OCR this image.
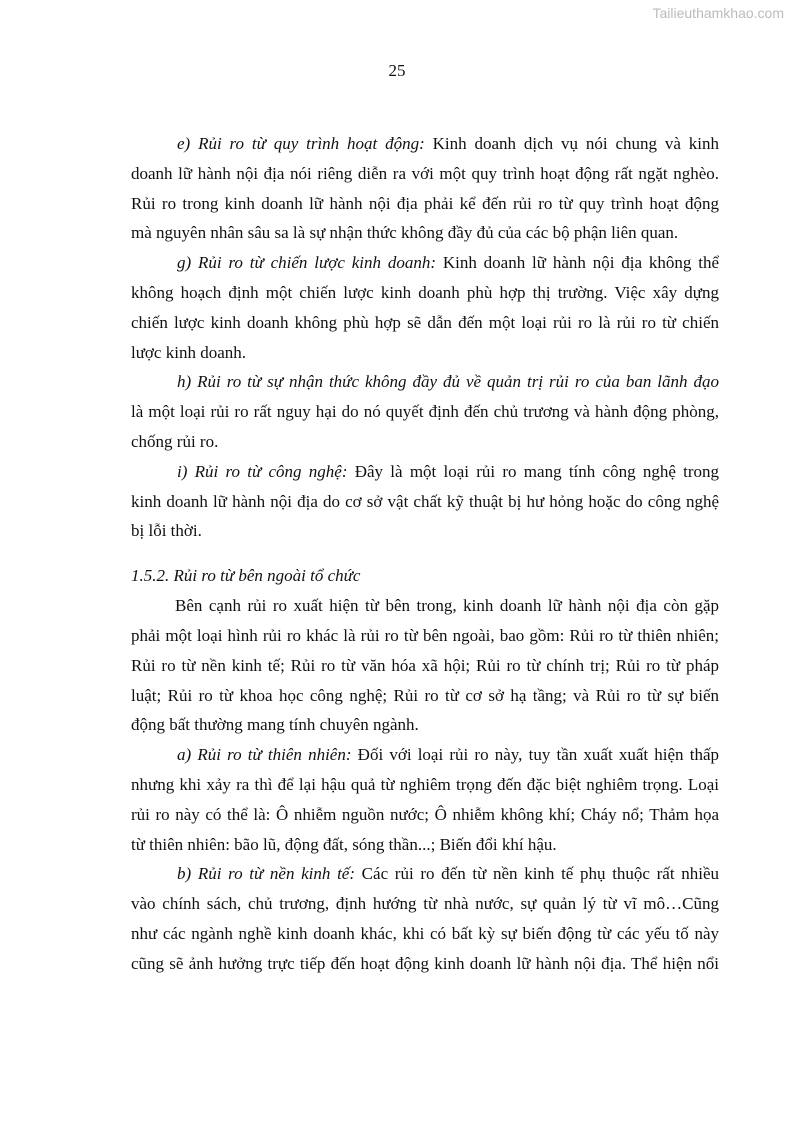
Tailieuthamkhao.com
25
e) Rủi ro từ quy trình hoạt động: Kinh doanh dịch vụ nói chung và kinh
doanh lữ hành nội địa nói riêng diễn ra với một quy trình hoạt động rất ngặt nghèo.
Rủi ro trong kinh doanh lữ hành nội địa phải kể đến rủi ro từ quy trình hoạt động
mà nguyên nhân sâu sa là sự nhận thức không đầy đủ của các bộ phận liên quan.
g) Rủi ro từ chiến lược kinh doanh: Kinh doanh lữ hành nội địa không thể
không hoạch định một chiến lược kinh doanh phù hợp thị trường. Việc xây dựng
chiến lược kinh doanh không phù hợp sẽ dẫn đến một loại rủi ro là rủi ro từ chiến
lược kinh doanh.
h) Rủi ro từ sự nhận thức không đầy đủ về quản trị rủi ro của ban lãnh đạo
là một loại rủi ro rất nguy hại do nó quyết định đến chủ trương và hành động phòng,
chống rủi ro.
i) Rủi ro từ công nghệ: Đây là một loại rủi ro mang tính công nghệ trong
kinh doanh lữ hành nội địa do cơ sở vật chất kỹ thuật bị hư hỏng hoặc do công nghệ
bị lỗi thời.
1.5.2. Rủi ro từ bên ngoài tổ chức
Bên cạnh rủi ro xuất hiện từ bên trong, kinh doanh lữ hành nội địa còn gặp
phải một loại hình rủi ro khác là rủi ro từ bên ngoài, bao gồm: Rủi ro từ thiên nhiên;
Rủi ro từ nền kinh tế; Rủi ro từ văn hóa xã hội; Rủi ro từ chính trị; Rủi ro từ pháp
luật; Rủi ro từ khoa học công nghệ; Rủi ro từ cơ sở hạ tầng; và Rủi ro từ sự biến
động bất thường mang tính chuyên ngành.
a) Rủi ro từ thiên nhiên: Đối với loại rủi ro này, tuy tần xuất xuất hiện thấp
nhưng khi xảy ra thì để lại hậu quả từ nghiêm trọng đến đặc biệt nghiêm trọng. Loại
rủi ro này có thể là: Ô nhiễm nguồn nước; Ô nhiễm không khí; Cháy nổ; Thảm họa
từ thiên nhiên: bão lũ, động đất, sóng thần...; Biến đổi khí hậu.
b) Rủi ro từ nền kinh tế: Các rủi ro đến từ nền kinh tế phụ thuộc rất nhiều
vào chính sách, chủ trương, định hướng từ nhà nước, sự quản lý từ vĩ mô…Cũng
như các ngành nghề kinh doanh khác, khi có bất kỳ sự biến động từ các yếu tố này
cũng sẽ ảnh hưởng trực tiếp đến hoạt động kinh doanh lữ hành nội địa. Thể hiện nổi
